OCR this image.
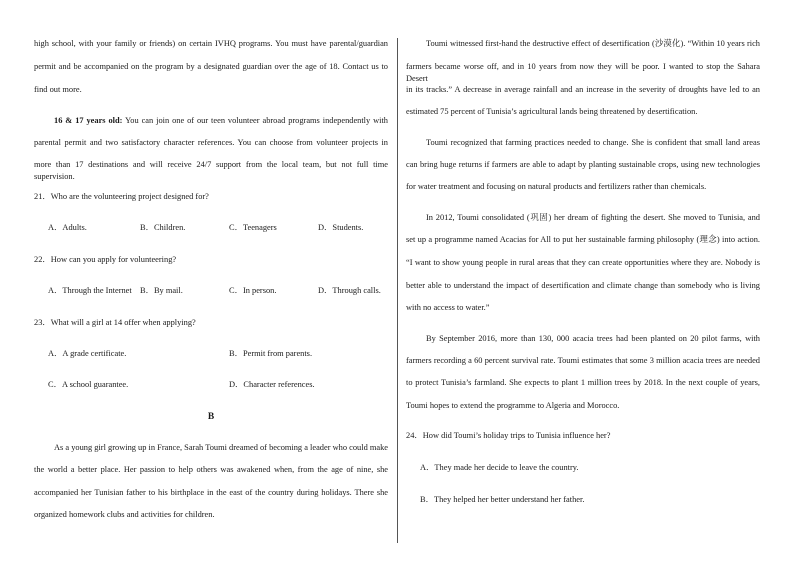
high school, with your family or friends) on certain IVHQ programs. You must have parental/guardian
permit and be accompanied on the program by a designated guardian over the age of 18. Contact us to
find out more.
16 & 17 years old: You can join one of our teen volunteer abroad programs independently with
parental permit and two satisfactory character references. You can choose from volunteer projects in
more than 17 destinations and will receive 24/7 support from the local team, but not full time supervision.
21．Who are the volunteering project designed for?
A．Adults.	B．Children.	C．Teenagers	D．Students.
22．How can you apply for volunteering?
A．Through the Internet B．By mail.	C．In person.	D．Through calls.
23．What will a girl at 14 offer when applying?
A．A grade certificate.	B．Permit from parents.
C．A school guarantee.	D．Character references.
B
As a young girl growing up in France, Sarah Toumi dreamed of becoming a leader who could make
the world a better place. Her passion to help others was awakened when, from the age of nine, she
accompanied her Tunisian father to his birthplace in the east of the country during holidays. There she
organized homework clubs and activities for children.
Toumi witnessed first-hand the destructive effect of desertification (沙漠化). “Within 10 years rich
farmers became worse off, and in 10 years from now they will be poor. I wanted to stop the Sahara Desert
in its tracks.” A decrease in average rainfall and an increase in the severity of droughts have led to an
estimated 75 percent of Tunisia’s agricultural lands being threatened by desertification.
Toumi recognized that farming practices needed to change. She is confident that small land areas
can bring huge returns if farmers are able to adapt by planting sustainable crops, using new technologies
for water treatment and focusing on natural products and fertilizers rather than chemicals.
In 2012, Toumi consolidated (巩固) her dream of fighting the desert. She moved to Tunisia, and
set up a programme named Acacias for All to put her sustainable farming philosophy (理念) into action.
“I want to show young people in rural areas that they can create opportunities where they are. Nobody is
better able to understand the impact of desertification and climate change than somebody who is living
with no access to water.”
By September 2016, more than 130, 000 acacia trees had been planted on 20 pilot farms, with
farmers recording a 60 percent survival rate. Toumi estimates that some 3 million acacia trees are needed
to protect Tunisia’s farmland. She expects to plant 1 million trees by 2018. In the next couple of years,
Toumi hopes to extend the programme to Algeria and Morocco.
24．How did Toumi’s holiday trips to Tunisia influence her?
A．They made her decide to leave the country.
B．They helped her better understand her father.
